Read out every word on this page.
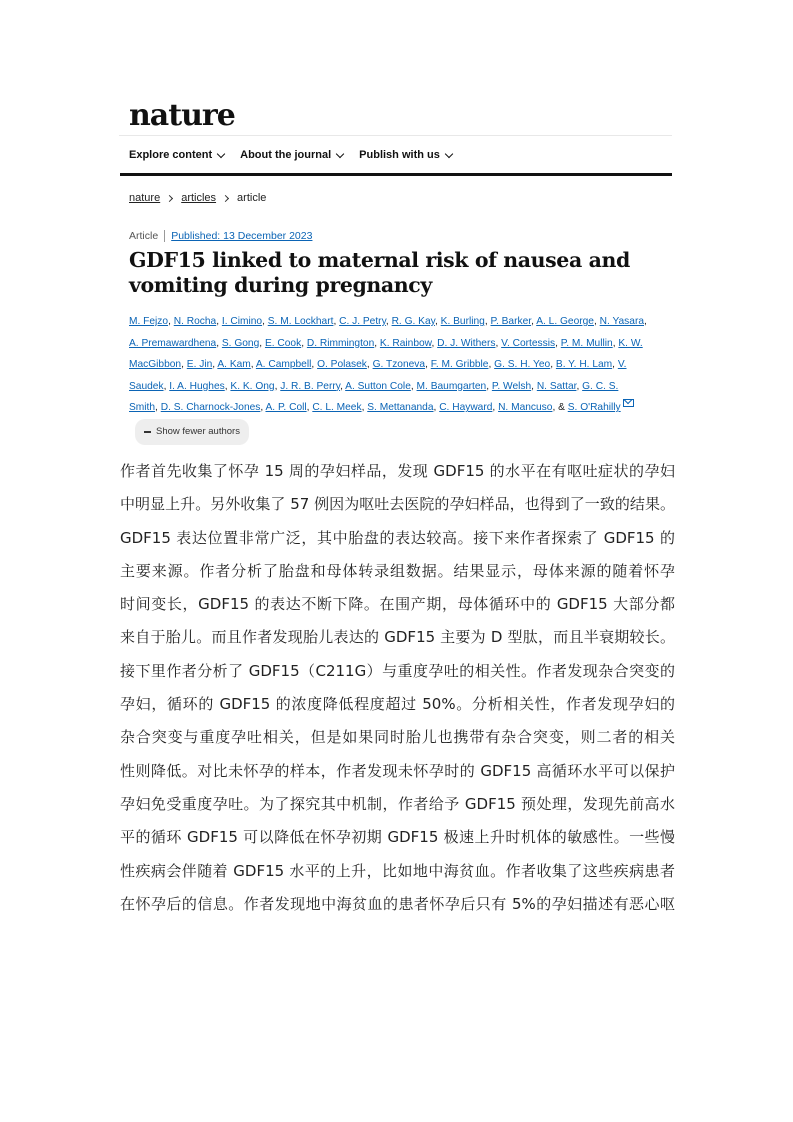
nature
Explore content	About the journal	Publish with us
nature articles article
Article Published: 13 December 2023
GDF15 linked to maternal risk of nausea and vomiting during pregnancy
M. Fejzo, N. Rocha, I. Cimino, S. M. Lockhart, C. J. Petry, R. G. Kay, K. Burling, P. Barker, A. L. George, N. Yasara, A. Premawardhena, S. Gong, E. Cook, D. Rimmington, K. Rainbow, D. J. Withers, V. Cortessis, P. M. Mullin, K. W. MacGibbon, E. Jin, A. Kam, A. Campbell, O. Polasek, G. Tzoneva, F. M. Gribble, G. S. H. Yeo, B. Y. H. Lam, V. Saudek, I. A. Hughes, K. K. Ong, J. R. B. Perry, A. Sutton Cole, M. Baumgarten, P. Welsh, N. Sattar, G. C. S. Smith, D. S. Charnock-Jones, A. P. Coll, C. L. Meek, S. Mettananda, C. Hayward, N. Mancuso, & S. O'Rahilly
Show fewer authors
作者首先收集了怀孕 15 周的孕妇样品，发现 GDF15 的水平在有呕吐症状的孕妇
中明显上升。另外收集了 57 例因为呕吐去医院的孕妇样品，也得到了一致的结果。
GDF15 表达位置非常广泛，其中胎盘的表达较高。接下来作者探索了 GDF15 的
主要来源。作者分析了胎盘和母体转录组数据。结果显示，母体来源的随着怀孕
时间变长，GDF15 的表达不断下降。在围产期，母体循环中的 GDF15 大部分都
来自于胎儿。而且作者发现胎儿表达的 GDF15 主要为 D 型肽，而且半衰期较长。
接下里作者分析了 GDF15（C211G）与重度孕吐的相关性。作者发现杂合突变的
孕妇，循环的 GDF15 的浓度降低程度超过 50%。分析相关性，作者发现孕妇的
杂合突变与重度孕吐相关，但是如果同时胎儿也携带有杂合突变，则二者的相关
性则降低。对比未怀孕的样本，作者发现未怀孕时的 GDF15 高循环水平可以保护
孕妇免受重度孕吐。为了探究其中机制，作者给予 GDF15 预处理，发现先前高水
平的循环 GDF15 可以降低在怀孕初期 GDF15 极速上升时机体的敏感性。一些慢
性疾病会伴随着 GDF15 水平的上升，比如地中海贫血。作者收集了这些疾病患者
在怀孕后的信息。作者发现地中海贫血的患者怀孕后只有 5%的孕妇描述有恶心呕
